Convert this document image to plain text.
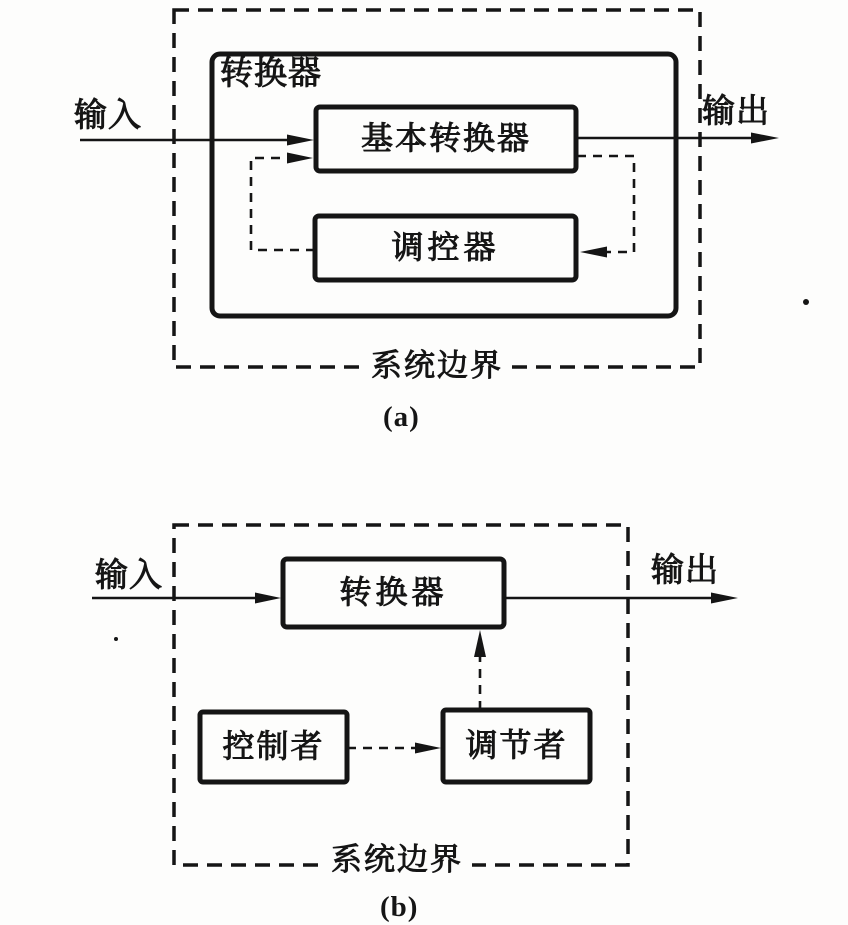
转换器
基本转换器
调控器
输入	输出
系统边界
(a)
转换器
输入	输出
控制者	调节者
系统边界
(b)
